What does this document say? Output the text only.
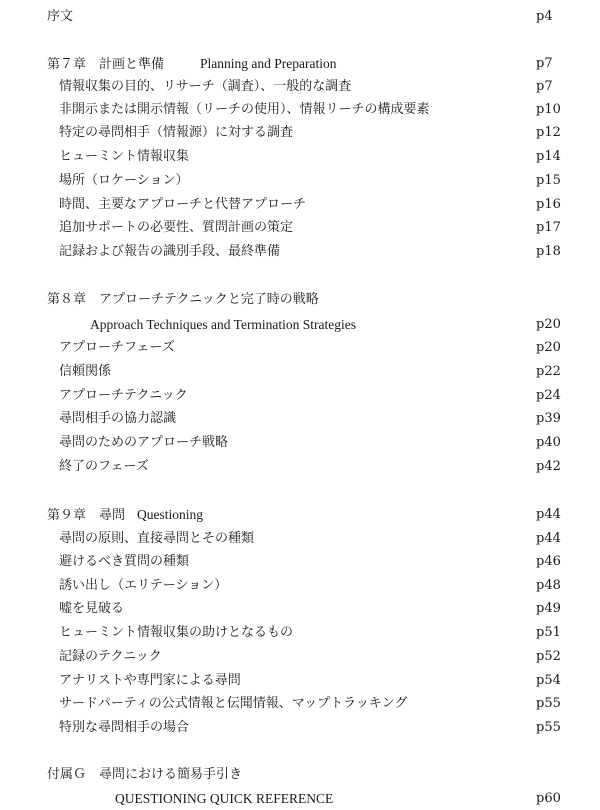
序文	p4
第７章　計画と準備	Planning and Preparation	p7
情報収集の目的、リサーチ（調査）、一般的な調査	p7
非開示または開示情報（リーチの使用）、情報リーチの構成要素	p10
特定の尋問相手（情報源）に対する調査	p12
ヒューミント情報収集	p14
場所（ロケーション）	p15
時間、主要なアプローチと代替アプローチ	p16
追加サポートの必要性、質問計画の策定	p17
記録および報告の識別手段、最終準備	p18
第８章　アプローチテクニックと完了時の戦略
Approach Techniques and Termination Strategies	p20
アプローチフェーズ	p20
信頼関係	p22
アプローチテクニック	p24
尋問相手の協力認識	p39
尋問のためのアプローチ戦略	p40
終了のフェーズ	p42
第９章　尋問 Questioning	p44
尋問の原則、直接尋問とその種類	p44
避けるべき質問の種類	p46
誘い出し（エリテーション）	p48
嘘を見破る	p49
ヒューミント情報収集の助けとなるもの	p51
記録のテクニック	p52
アナリストや専門家による尋問	p54
サードパーティの公式情報と伝聞情報、マップトラッキング	p55
特別な尋問相手の場合	p55
付属Ｇ　尋問における簡易手引き
QUESTIONING QUICK REFERENCE	p60
